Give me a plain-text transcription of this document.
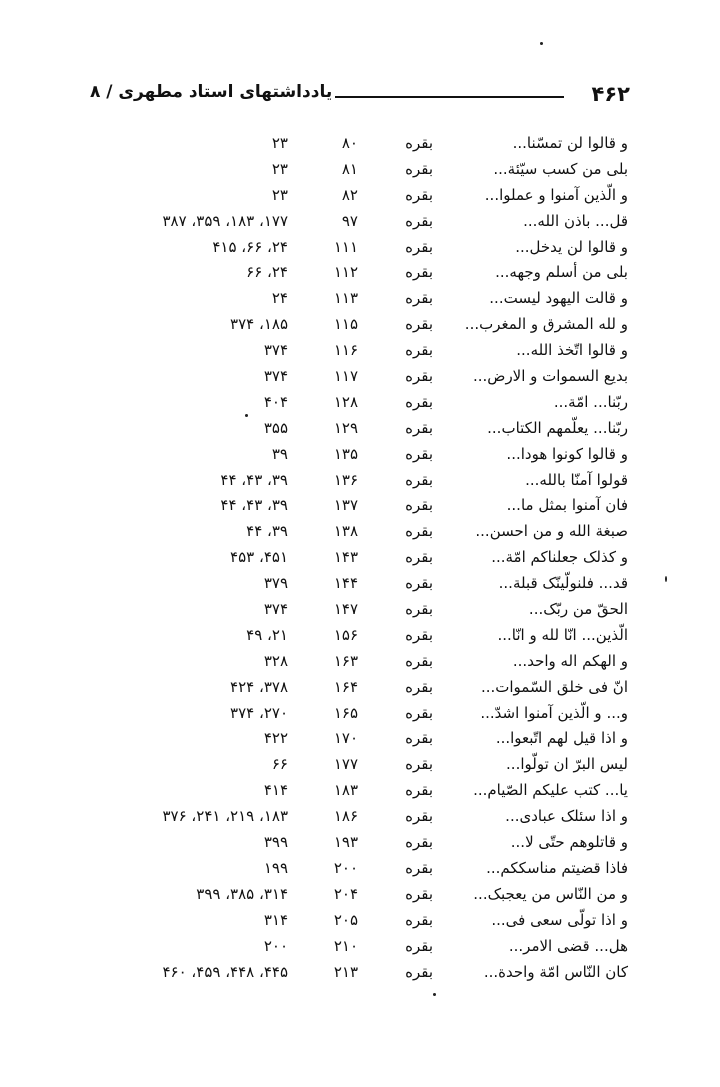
۴۶۲
یادداشتهای استاد مطهری / ۸
و قالوا لن تمسّنا...
بقره
۸۰
۲۳
بلی من کسب سیّئة...
بقره
۸۱
۲۳
و الّذین آمنوا و عملوا...
بقره
۸۲
۲۳
قل... باذن الله...
بقره
۹۷
۱۷۷، ۱۸۳، ۳۵۹، ۳۸۷
و قالوا لن یدخل...
بقره
۱۱۱
۲۴، ۶۶، ۴۱۵
بلی من أسلم وجهه...
بقره
۱۱۲
۲۴، ۶۶
و قالت الیهود لیست...
بقره
۱۱۳
۲۴
و لله المشرق و المغرب...
بقره
۱۱۵
۱۸۵، ۳۷۴
و قالوا اتّخذ الله...
بقره
۱۱۶
۳۷۴
بدیع السموات و الارض...
بقره
۱۱۷
۳۷۴
ربّنا... امّة...
بقره
۱۲۸
۴۰۴
ربّنا... یعلّمهم الکتاب...
بقره
۱۲۹
۳۵۵
و قالوا کونوا هودا...
بقره
۱۳۵
۳۹
قولوا آمنّا بالله...
بقره
۱۳۶
۳۹، ۴۳، ۴۴
فان آمنوا بمثل ما...
بقره
۱۳۷
۳۹، ۴۳، ۴۴
صبغة الله و من احسن...
بقره
۱۳۸
۳۹، ۴۴
و کذلک جعلناکم امّة...
بقره
۱۴۳
۴۵۱، ۴۵۳
قد... فلنولّینّک قبلة...
بقره
۱۴۴
۳۷۹
الحقّ من ربّک...
بقره
۱۴۷
۳۷۴
الّذین... انّا لله و انّا...
بقره
۱۵۶
۲۱، ۴۹
و الهکم اله واحد...
بقره
۱۶۳
۳۲۸
انّ فی خلق السّموات...
بقره
۱۶۴
۳۷۸، ۴۲۴
و... و الّذین آمنوا اشدّ...
بقره
۱۶۵
۲۷۰، ۳۷۴
و اذا قیل لهم اتّبعوا...
بقره
۱۷۰
۴۲۲
لیس البرّ ان تولّوا...
بقره
۱۷۷
۶۶
یا... کتب علیکم الصّیام...
بقره
۱۸۳
۴۱۴
و اذا سئلک عبادی...
بقره
۱۸۶
۱۸۳، ۲۱۹، ۲۴۱، ۳۷۶
و قاتلوهم حتّی لا...
بقره
۱۹۳
۳۹۹
فاذا قضیتم مناسککم...
بقره
۲۰۰
۱۹۹
و من النّاس من یعجبک...
بقره
۲۰۴
۳۱۴، ۳۸۵، ۳۹۹
و اذا تولّی سعی فی...
بقره
۲۰۵
۳۱۴
هل... قضی الامر...
بقره
۲۱۰
۲۰۰
کان النّاس امّة واحدة...
بقره
۲۱۳
۴۴۵، ۴۴۸، ۴۵۹، ۴۶۰
